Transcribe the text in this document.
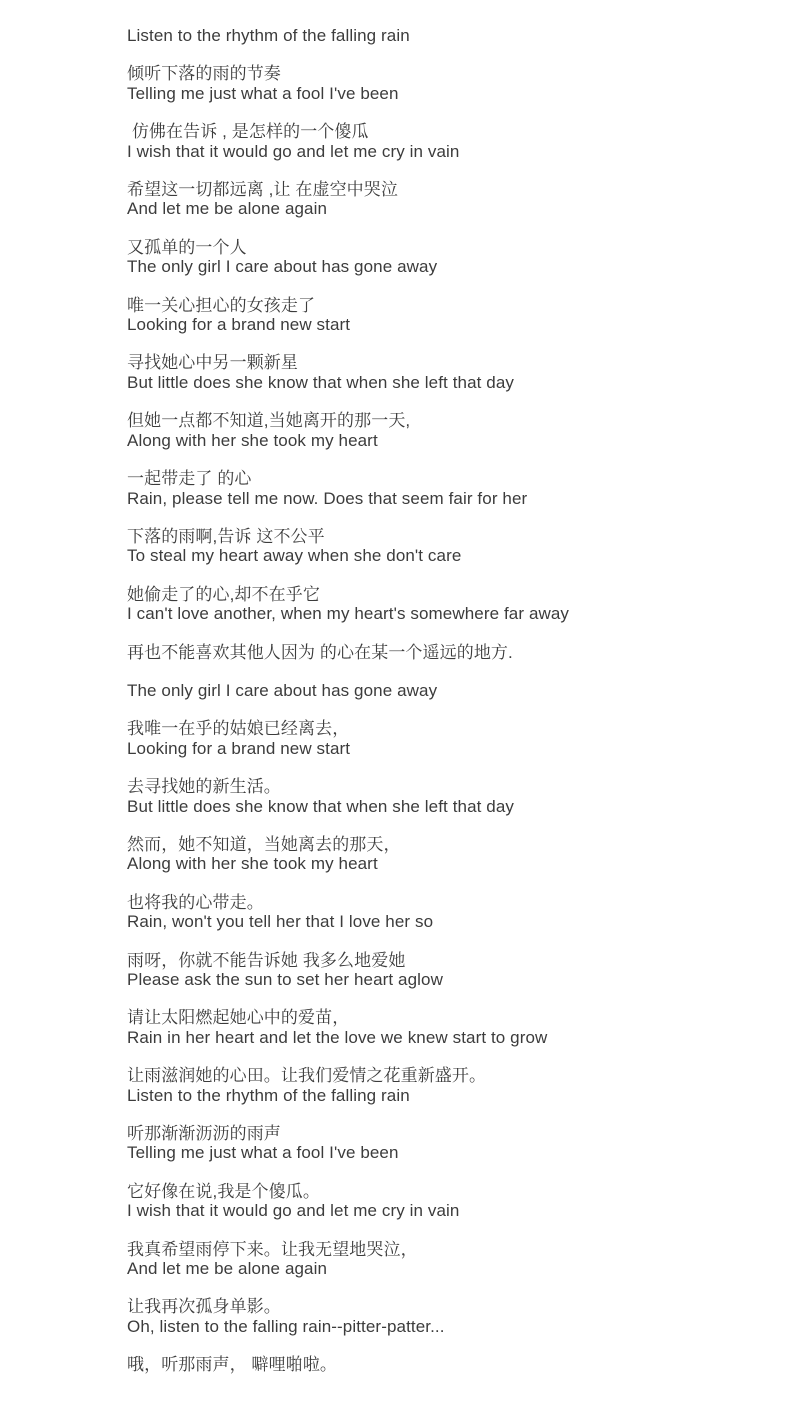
Listen to the rhythm of the falling rain
倾听下落的雨的节奏
Telling me just what a fool I've been
仿佛在告诉 , 是怎样的一个傻瓜
I wish that it would go and let me cry in vain
希望这一切都远离 ,让 在虚空中哭泣
And let me be alone again
又孤单的一个人
The only girl I care about has gone away
唯一关心担心的女孩走了
Looking for a brand new start
寻找她心中另一颗新星
But little does she know that when she left that day
但她一点都不知道,当她离开的那一天,
Along with her she took my heart
一起带走了 的心
Rain, please tell me now. Does that seem fair for her
下落的雨啊,告诉 这不公平
To steal my heart away when she don't care
她偷走了的心,却不在乎它
I can't love another, when my heart's somewhere far away
再也不能喜欢其他人因为 的心在某一个遥远的地方.
The only girl I care about has gone away
我唯一在乎的姑娘已经离去，
Looking for a brand new start
去寻找她的新生活。
But little does she know that when she left that day
然而，她不知道，当她离去的那天，
Along with her she took my heart
也将我的心带走。
Rain, won't you tell her that I love her so
雨呀，你就不能告诉她 我多么地爱她
Please ask the sun to set her heart aglow
请让太阳燃起她心中的爱苗，
Rain in her heart and let the love we knew start to grow
让雨滋润她的心田。让我们爱情之花重新盛开。
Listen to the rhythm of the falling rain
听那渐渐沥沥的雨声
Telling me just what a fool I've been
它好像在说,我是个傻瓜。
I wish that it would go and let me cry in vain
我真希望雨停下来。让我无望地哭泣，
And let me be alone again
让我再次孤身单影。
Oh, listen to the falling rain--pitter-patter...
哦，听那雨声， 噼哩啪啦。
